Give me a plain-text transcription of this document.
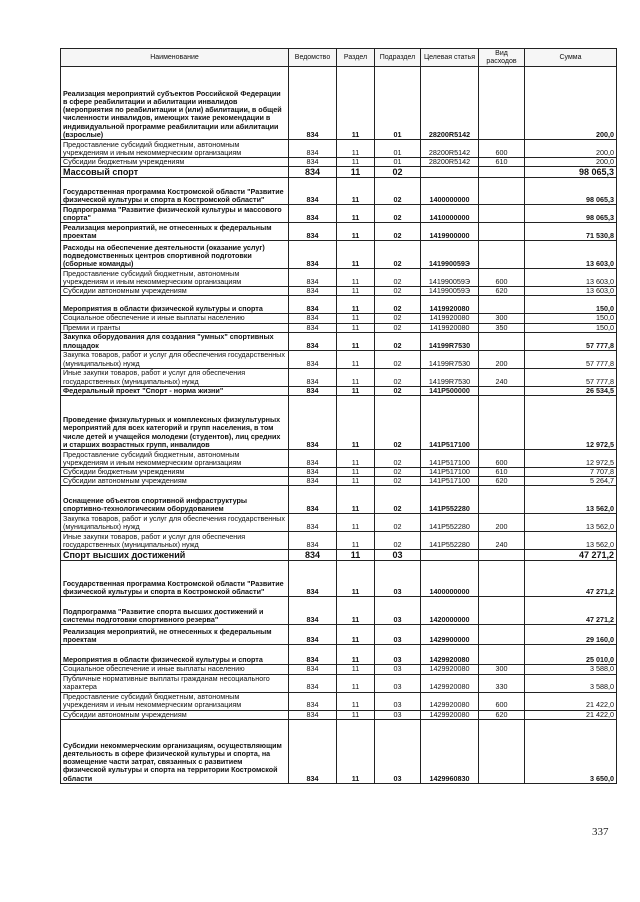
Наименование	Ведомство	Раздел	Подраздел	Целевая статья	Вид расходов	Сумма
Реализация мероприятий субъектов Российской Федерации в сфере реабилитации и абилитации инвалидов (мероприятия по реабилитации и (или) абилитации, в общей численности инвалидов, имеющих такие рекомендации в индивидуальной программе реабилитации или абилитации (взрослые)	834	11	01	28200R5142		200,0
Предоставление субсидий бюджетным, автономным учреждениям и иным некоммерческим организациям	834	11	01	28200R5142	600	200,0
Субсидии бюджетным учреждениям	834	11	01	28200R5142	610	200,0
Массовый спорт	834	11	02			98 065,3
Государственная программа Костромской области "Развитие физической культуры и спорта в Костромской области"	834	11	02	1400000000		98 065,3
Подпрограмма "Развитие физической культуры и массового спорта"	834	11	02	1410000000		98 065,3
Реализация мероприятий, не отнесенных к федеральным проектам	834	11	02	1419900000		71 530,8
Расходы на обеспечение деятельности (оказание услуг) подведомственных центров спортивной подготовки (сборные команды)	834	11	02	141990059Э		13 603,0
Предоставление субсидий бюджетным, автономным учреждениям и иным некоммерческим организациям	834	11	02	141990059Э	600	13 603,0
Субсидии автономным учреждениям	834	11	02	141990059Э	620	13 603,0
Мероприятия в области физической культуры и спорта	834	11	02	1419920080		150,0
Социальное обеспечение и иные выплаты населению	834	11	02	1419920080	300	150,0
Премии и гранты	834	11	02	1419920080	350	150,0
Закупка оборудования для создания "умных" спортивных площадок	834	11	02	14199R7530		57 777,8
Закупка товаров, работ и услуг для обеспечения государственных (муниципальных) нужд	834	11	02	14199R7530	200	57 777,8
Иные закупки товаров, работ и услуг для обеспечения государственных (муниципальных) нужд	834	11	02	14199R7530	240	57 777,8
Федеральный проект "Спорт - норма жизни"	834	11	02	141P500000		26 534,5
Проведение физкультурных и комплексных физкультурных мероприятий для всех категорий и групп населения, в том числе детей и учащейся молодежи (студентов), лиц средних и старших возрастных групп, инвалидов	834	11	02	141P517100		12 972,5
Предоставление субсидий бюджетным, автономным учреждениям и иным некоммерческим организациям	834	11	02	141P517100	600	12 972,5
Субсидии бюджетным учреждениям	834	11	02	141P517100	610	7 707,8
Субсидии автономным учреждениям	834	11	02	141P517100	620	5 264,7
Оснащение объектов спортивной инфраструктуры спортивно-технологическим оборудованием	834	11	02	141P552280		13 562,0
Закупка товаров, работ и услуг для обеспечения государственных (муниципальных) нужд	834	11	02	141P552280	200	13 562,0
Иные закупки товаров, работ и услуг для обеспечения государственных (муниципальных) нужд	834	11	02	141P552280	240	13 562,0
Спорт высших достижений	834	11	03			47 271,2
Государственная программа Костромской области "Развитие физической культуры и спорта в Костромской области"	834	11	03	1400000000		47 271,2
Подпрограмма "Развитие спорта высших достижений и системы подготовки спортивного резерва"	834	11	03	1420000000		47 271,2
Реализация мероприятий, не отнесенных к федеральным проектам	834	11	03	1429900000		29 160,0
Мероприятия в области физической культуры и спорта	834	11	03	1429920080		25 010,0
Социальное обеспечение и иные выплаты населению	834	11	03	1429920080	300	3 588,0
Публичные нормативные выплаты гражданам несоциального характера	834	11	03	1429920080	330	3 588,0
Предоставление субсидий бюджетным, автономным учреждениям и иным некоммерческим организациям	834	11	03	1429920080	600	21 422,0
Субсидии автономным учреждениям	834	11	03	1429920080	620	21 422,0
Субсидии некоммерческим организациям, осуществляющим деятельность в сфере физической культуры и спорта, на возмещение части затрат, связанных с развитием физической культуры и спорта на территории Костромской области	834	11	03	1429960830		3 650,0
337
